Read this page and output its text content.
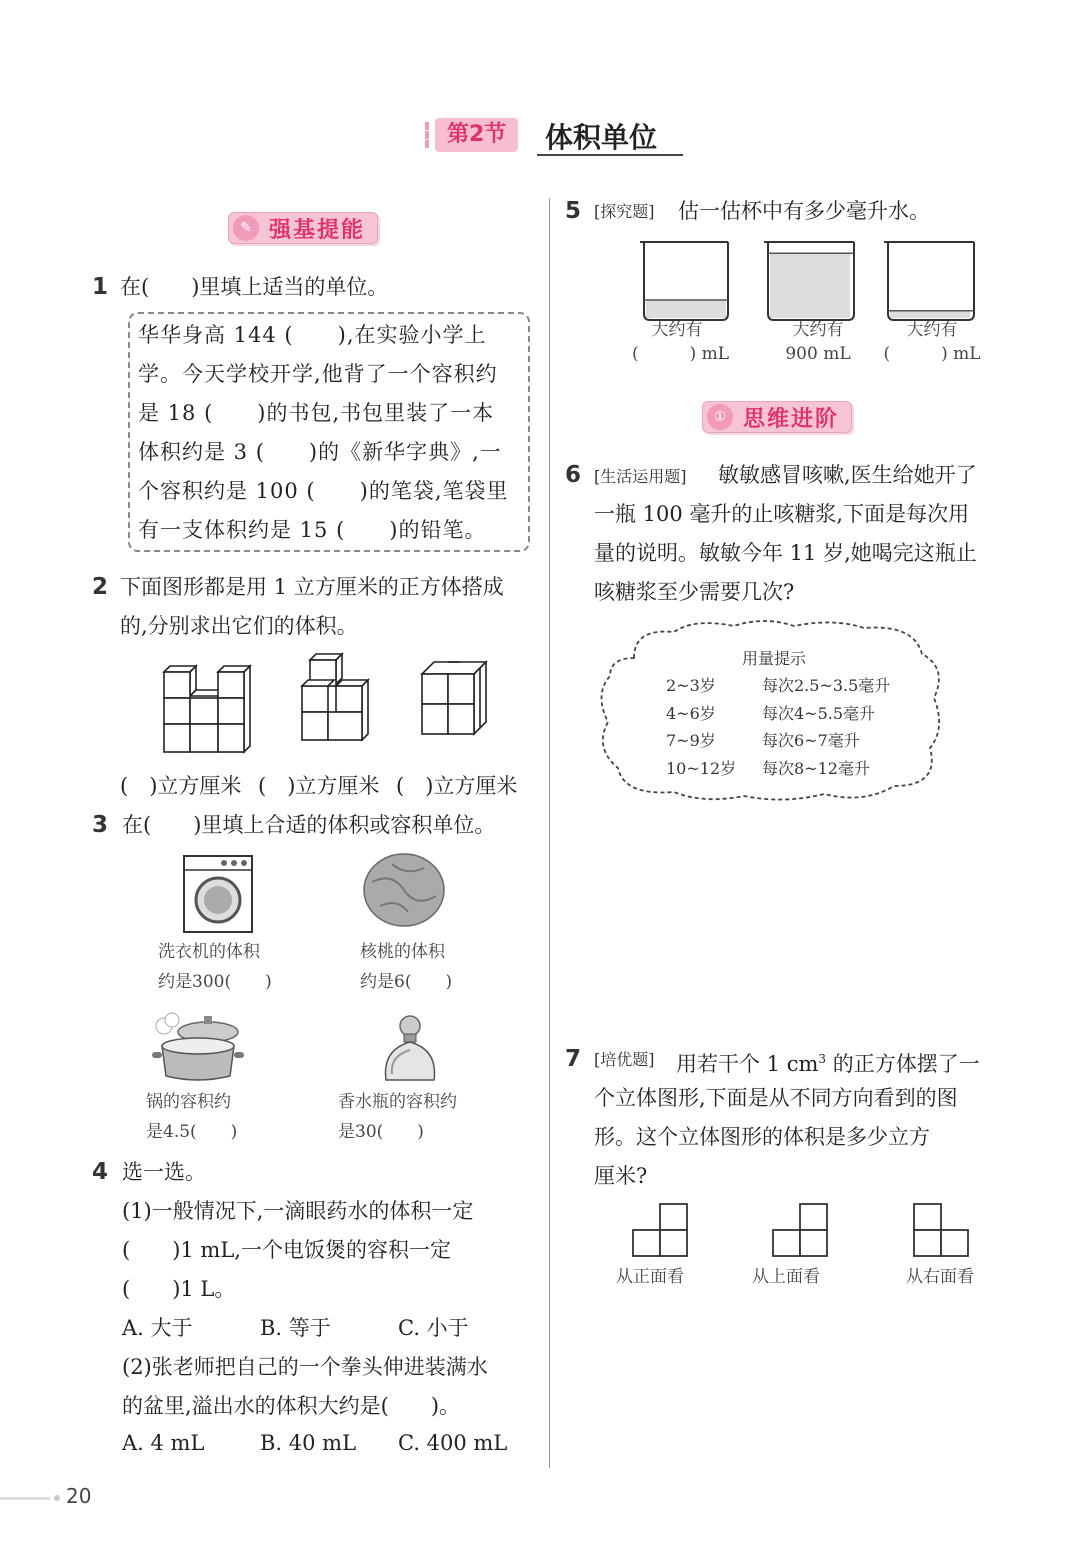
第2节	体积单位
✎ 强基提能
1 在(　　)里填上适当的单位。
华华身高 144 (　　),在实验小学上
学。今天学校开学,他背了一个容积约
是 18 (　　)的书包,书包里装了一本
体积约是 3 (　　)的《新华字典》,一
个容积约是 100 (　　)的笔袋,笔袋里
有一支体积约是 15 (　　)的铅笔。
2 下面图形都是用 1 立方厘米的正方体搭成
的,分别求出它们的体积。
(　)立方厘米 (　)立方厘米 (　)立方厘米
3 在(　　)里填上合适的体积或容积单位。
洗衣机的体积
约是300(　　)
核桃的体积
约是6(　　)
锅的容积约
是4.5(　　)
香水瓶的容积约
是30(　　)
4 选一选。
(1)一般情况下,一滴眼药水的体积一定
(　　)1 mL,一个电饭煲的容积一定
(　　)1 L。
A. 大于	B. 等于	C. 小于
(2)张老师把自己的一个拳头伸进装满水
的盆里,溢出水的体积大约是(　　)。
A. 4 mL	B. 40 mL C. 400 mL
5 [探究题] 估一估杯中有多少毫升水。
大约有
(　　　) mL
大约有
900 mL
大约有
(　　　) mL
① 思维进阶
6 [生活运用题] 敏敏感冒咳嗽,医生给她开了
一瓶 100 毫升的止咳糖浆,下面是每次用
量的说明。敏敏今年 11 岁,她喝完这瓶止
咳糖浆至少需要几次?
用量提示
2~3岁	每次2.5~3.5毫升
4~6岁	每次4~5.5毫升
7~9岁	每次6~7毫升
10~12岁 每次8~12毫升
7 [培优题] 用若干个 1 $cm^3$ 的正方体摆了一
个立体图形,下面是从不同方向看到的图
形。这个立体图形的体积是多少立方
厘米?
从正面看	从上面看	从右面看
20
